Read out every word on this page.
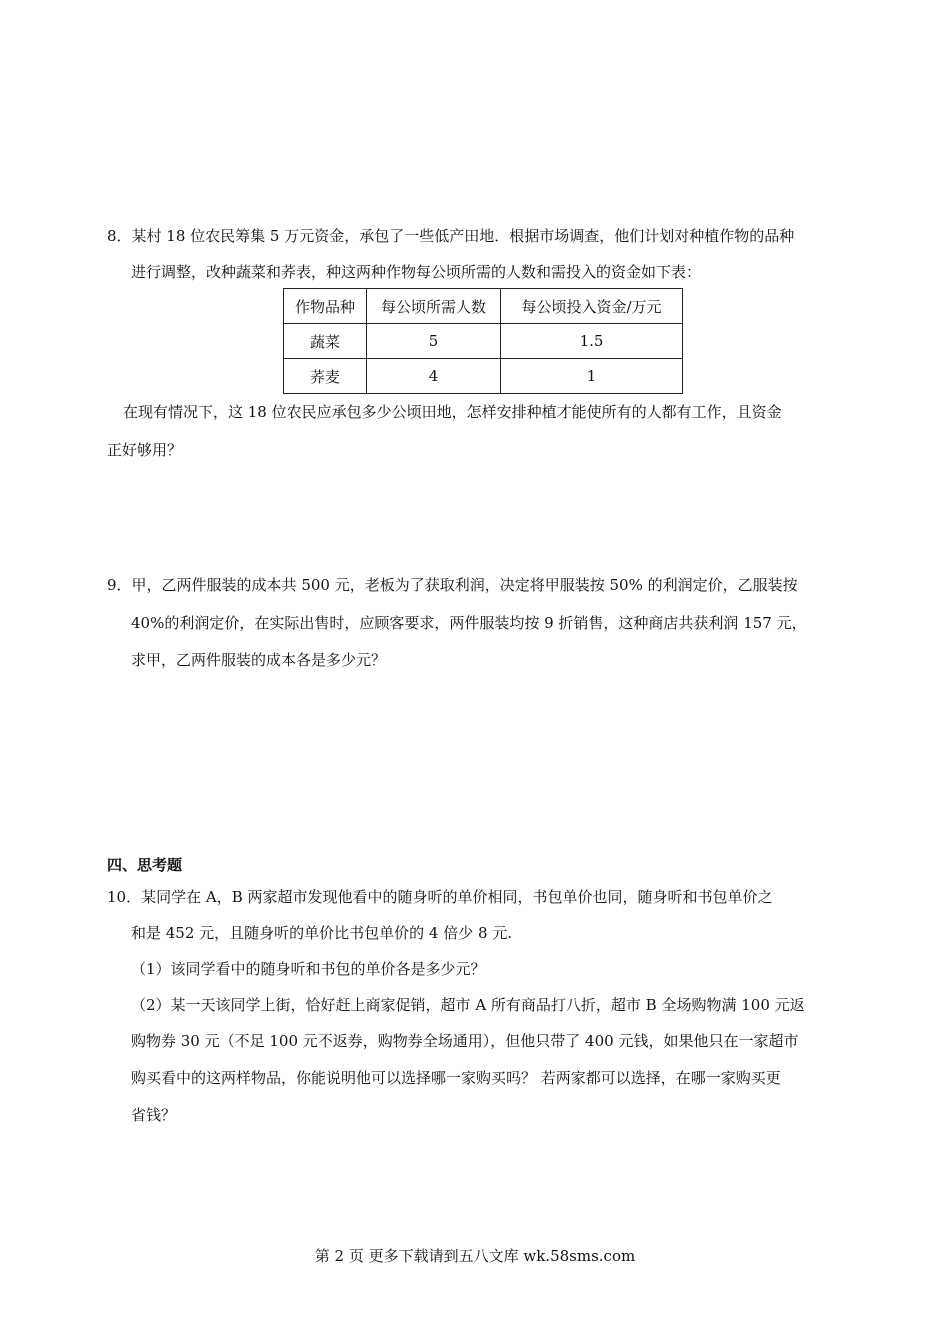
8．某村 18 位农民筹集 5 万元资金，承包了一些低产田地．根据市场调查，他们计划对种植作物的品种
进行调整，改种蔬菜和荞表，种这两种作物每公顷所需的人数和需投入的资金如下表：
作物品种	每公顷所需人数	每公顷投入资金/万元
蔬菜	5	1.5
荞麦	4	1
在现有情况下，这 18 位农民应承包多少公顷田地，怎样安排种植才能使所有的人都有工作，且资金
正好够用？
9．甲，乙两件服装的成本共 500 元，老板为了获取利润，决定将甲服装按 50% 的利润定价，乙服装按
40%的利润定价，在实际出售时，应顾客要求，两件服装均按 9 折销售，这种商店共获利润 157 元，
求甲，乙两件服装的成本各是多少元？
四、思考题
10．某同学在 A，B 两家超市发现他看中的随身听的单价相同，书包单价也同，随身听和书包单价之
和是 452 元，且随身听的单价比书包单价的 4 倍少 8 元.
（1）该同学看中的随身听和书包的单价各是多少元？
（2）某一天该同学上街，恰好赶上商家促销，超市 A 所有商品打八折，超市 B 全场购物满 100 元返
购物券 30 元（不足 100 元不返券，购物券全场通用），但他只带了 400 元钱，如果他只在一家超市
购买看中的这两样物品，你能说明他可以选择哪一家购买吗？ 若两家都可以选择，在哪一家购买更
省钱？
第 2 页 更多下载请到五八文库 wk.58sms.com
